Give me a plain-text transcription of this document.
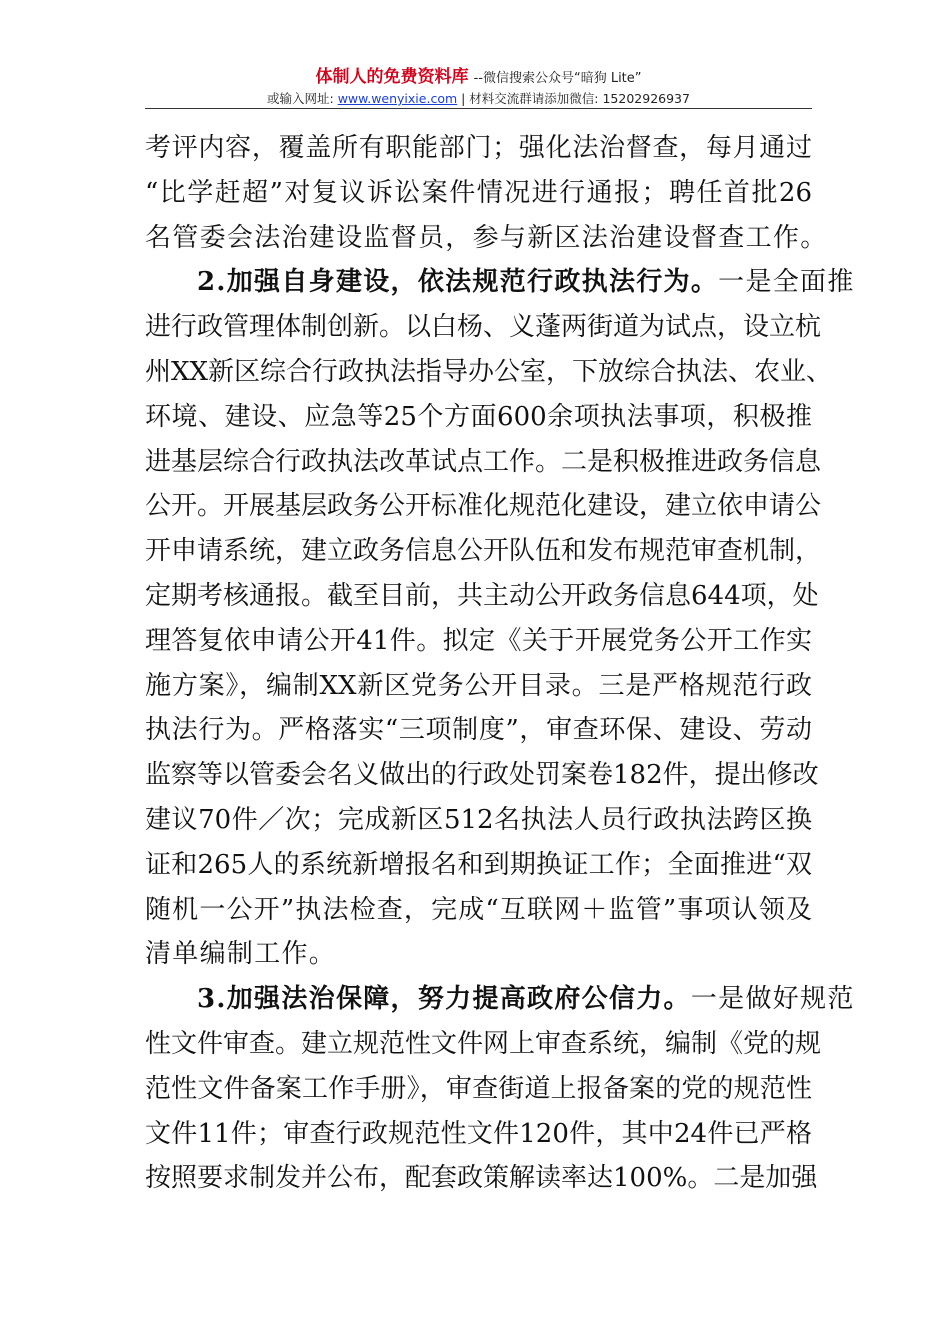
体制人的免费资料库 --微信搜索公众号“暗狗 Lite”
或输入网址: www.wenyixie.com | 材料交流群请添加微信: 15202926937
考评内容，覆盖所有职能部门；强化法治督查，每月通过
“比学赶超”对复议诉讼案件情况进行通报；聘任首批26
名管委会法治建设监督员，参与新区法治建设督查工作。
2.加强自身建设，依法规范行政执法行为。一是全面推
进行政管理体制创新。以白杨、义蓬两街道为试点，设立杭
州XX新区综合行政执法指导办公室，下放综合执法、农业、
环境、建设、应急等25个方面600余项执法事项，积极推
进基层综合行政执法改革试点工作。二是积极推进政务信息
公开。开展基层政务公开标准化规范化建设，建立依申请公
开申请系统，建立政务信息公开队伍和发布规范审查机制，
定期考核通报。截至目前，共主动公开政务信息644项，处
理答复依申请公开41件。拟定《关于开展党务公开工作实
施方案》，编制XX新区党务公开目录。三是严格规范行政
执法行为。严格落实“三项制度”，审查环保、建设、劳动
监察等以管委会名义做出的行政处罚案卷182件，提出修改
建议70件／次；完成新区512名执法人员行政执法跨区换
证和265人的系统新增报名和到期换证工作；全面推进“双
随机一公开”执法检查，完成“互联网＋监管”事项认领及
清单编制工作。
3.加强法治保障，努力提高政府公信力。一是做好规范
性文件审查。建立规范性文件网上审查系统，编制《党的规
范性文件备案工作手册》，审查街道上报备案的党的规范性
文件11件；审查行政规范性文件120件，其中24件已严格
按照要求制发并公布，配套政策解读率达100%。二是加强
